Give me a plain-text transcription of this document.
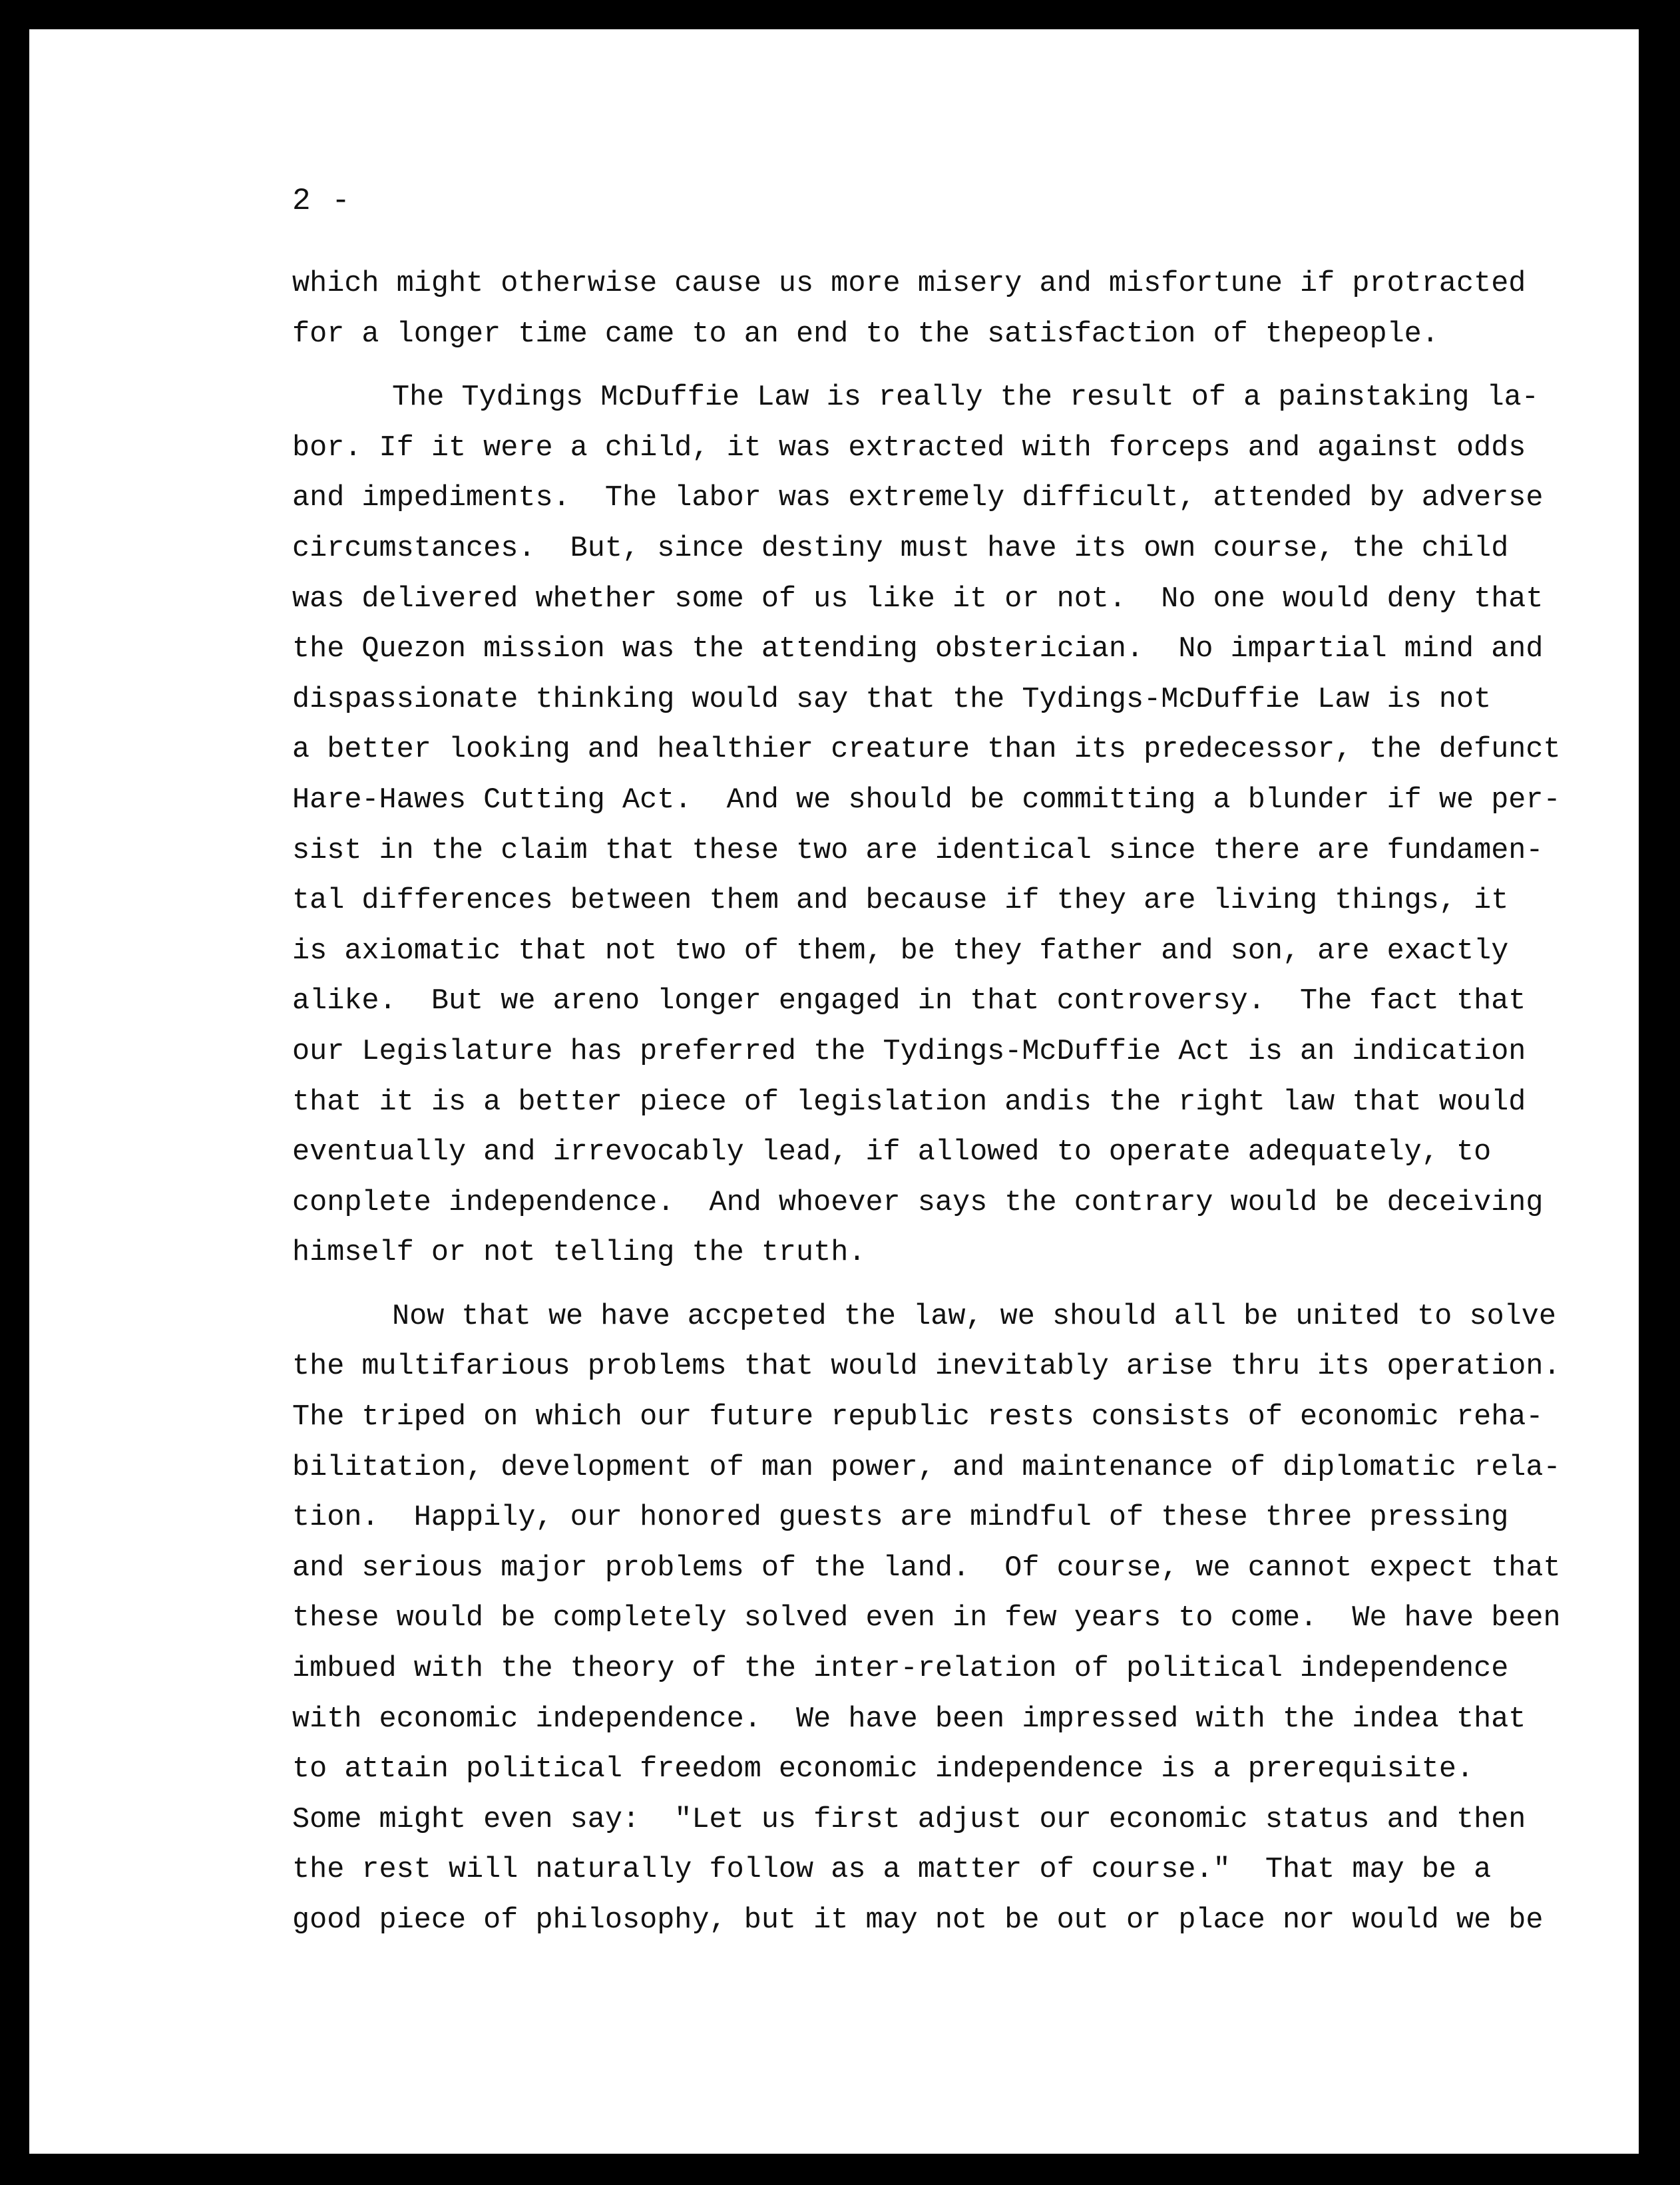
2 -
which might otherwise cause us more misery and misfortune if protracted
for a longer time came to an end to the satisfaction of thepeople.
The Tydings McDuffie Law is really the result of a painstaking la-
bor. If it were a child, it was extracted with forceps and against odds
and impediments.  The labor was extremely difficult, attended by adverse
circumstances.  But, since destiny must have its own course, the child
was delivered whether some of us like it or not.  No one would deny that
the Quezon mission was the attending obsterician.  No impartial mind and
dispassionate thinking would say that the Tydings-McDuffie Law is not
a better looking and healthier creature than its predecessor, the defunct
Hare-Hawes Cutting Act.  And we should be committing a blunder if we per-
sist in the claim that these two are identical since there are fundamen-
tal differences between them and because if they are living things, it
is axiomatic that not two of them, be they father and son, are exactly
alike.  But we areno longer engaged in that controversy.  The fact that
our Legislature has preferred the Tydings-McDuffie Act is an indication
that it is a better piece of legislation andis the right law that would
eventually and irrevocably lead, if allowed to operate adequately, to
conplete independence.  And whoever says the contrary would be deceiving
himself or not telling the truth.
Now that we have accpeted the law, we should all be united to solve
the multifarious problems that would inevitably arise thru its operation.
The triped on which our future republic rests consists of economic reha-
bilitation, development of man power, and maintenance of diplomatic rela-
tion.  Happily, our honored guests are mindful of these three pressing
and serious major problems of the land.  Of course, we cannot expect that
these would be completely solved even in few years to come.  We have been
imbued with the theory of the inter-relation of political independence
with economic independence.  We have been impressed with the indea that
to attain political freedom economic independence is a prerequisite.
Some might even say:  "Let us first adjust our economic status and then
the rest will naturally follow as a matter of course."  That may be a
good piece of philosophy, but it may not be out or place nor would we be
